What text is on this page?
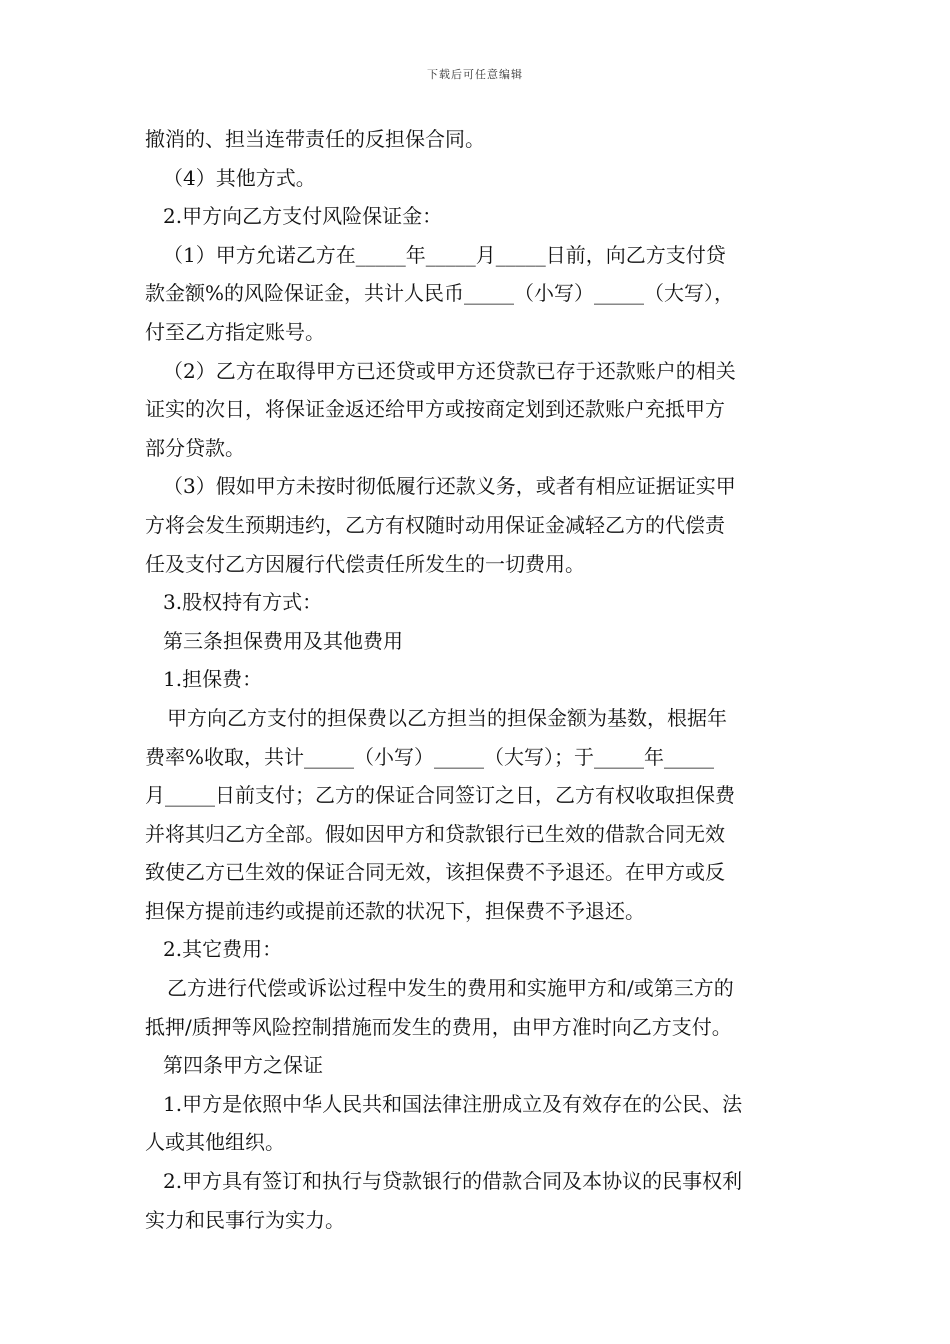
下载后可任意编辑
撤消的、担当连带责任的反担保合同。
（4）其他方式。
2.甲方向乙方支付风险保证金：
（1）甲方允诺乙方在_____年_____月_____日前，向乙方支付贷
款金额%的风险保证金，共计人民币_____（小写）_____（大写），
付至乙方指定账号。
（2）乙方在取得甲方已还贷或甲方还贷款已存于还款账户的相关
证实的次日，将保证金返还给甲方或按商定划到还款账户充抵甲方
部分贷款。
（3）假如甲方未按时彻低履行还款义务，或者有相应证据证实甲
方将会发生预期违约，乙方有权随时动用保证金减轻乙方的代偿责
任及支付乙方因履行代偿责任所发生的一切费用。
3.股权持有方式：
第三条担保费用及其他费用
1.担保费：
甲方向乙方支付的担保费以乙方担当的担保金额为基数，根据年
费率%收取，共计_____（小写）_____（大写）；于_____年_____
月_____日前支付；乙方的保证合同签订之日，乙方有权收取担保费
并将其归乙方全部。假如因甲方和贷款银行已生效的借款合同无效
致使乙方已生效的保证合同无效，该担保费不予退还。在甲方或反
担保方提前违约或提前还款的状况下，担保费不予退还。
2.其它费用：
乙方进行代偿或诉讼过程中发生的费用和实施甲方和/或第三方的
抵押/质押等风险控制措施而发生的费用，由甲方准时向乙方支付。
第四条甲方之保证
1.甲方是依照中华人民共和国法律注册成立及有效存在的公民、法
人或其他组织。
2.甲方具有签订和执行与贷款银行的借款合同及本协议的民事权利
实力和民事行为实力。
